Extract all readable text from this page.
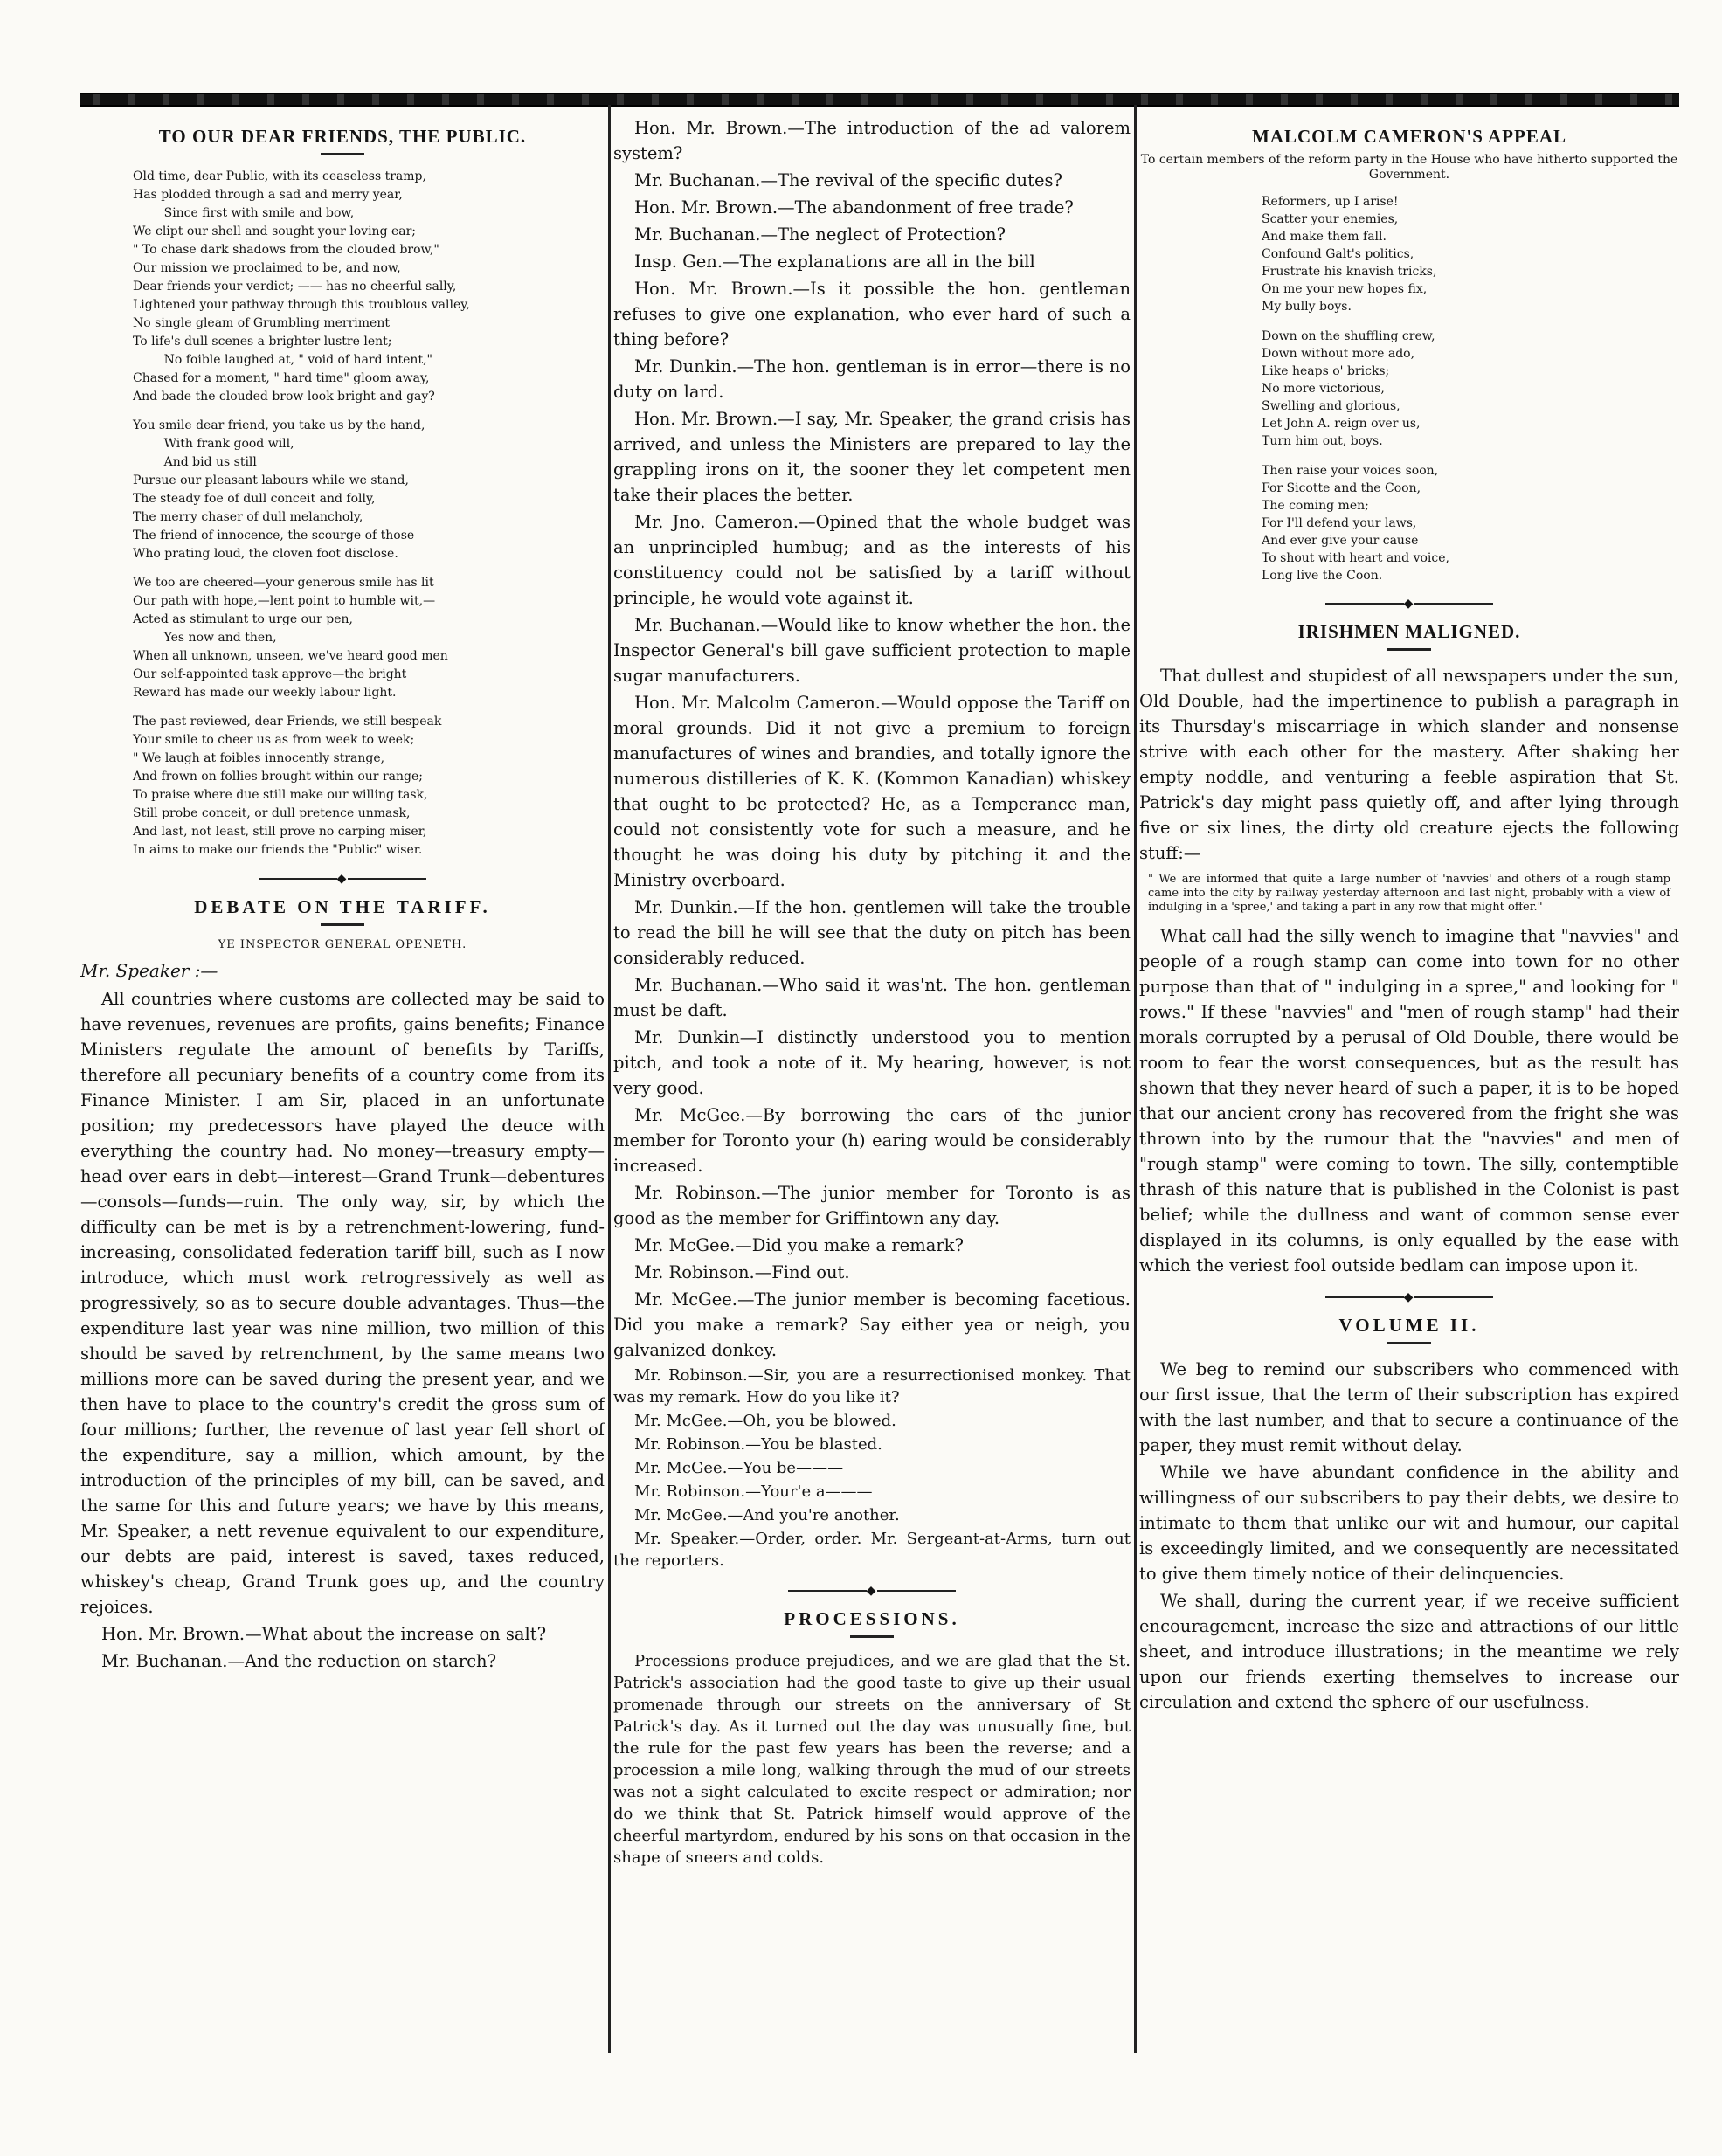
TO OUR DEAR FRIENDS, THE PUBLIC.
Old time, dear Public, with its ceaseless tramp,
Has plodded through a sad and merry year,
Since first with smile and bow,
We clipt our shell and sought your loving ear;
" To chase dark shadows from the clouded brow,"
Our mission we proclaimed to be, and now,
Dear friends your verdict; —— has no cheerful sally,
Lightened your pathway through this troublous valley,
No single gleam of Grumbling merriment
To life's dull scenes a brighter lustre lent;
No foible laughed at, " void of hard intent,"
Chased for a moment, " hard time" gloom away,
And bade the clouded brow look bright and gay?
You smile dear friend, you take us by the hand,
With frank good will,
And bid us still
Pursue our pleasant labours while we stand,
The steady foe of dull conceit and folly,
The merry chaser of dull melancholy,
The friend of innocence, the scourge of those
Who prating loud, the cloven foot disclose.
We too are cheered—your generous smile has lit
Our path with hope,—lent point to humble wit,—
Acted as stimulant to urge our pen,
Yes now and then,
When all unknown, unseen, we've heard good men
Our self-appointed task approve—the bright
Reward has made our weekly labour light.
The past reviewed, dear Friends, we still bespeak
Your smile to cheer us as from week to week;
" We laugh at foibles innocently strange,
And frown on follies brought within our range;
To praise where due still make our willing task,
Still probe conceit, or dull pretence unmask,
And last, not least, still prove no carping miser,
In aims to make our friends the "Public" wiser.
◆
DEBATE ON THE TARIFF.
YE INSPECTOR GENERAL OPENETH.
Mr. Speaker :—

All countries where customs are collected may be said to have revenues, revenues are profits, gains benefits; Finance Ministers regulate the amount of benefits by Tariffs, therefore all pecuniary benefits of a country come from its Finance Minister. I am Sir, placed in an unfortunate position; my predecessors have played the deuce with everything the country had. No money—treasury empty—head over ears in debt—interest—Grand Trunk—debentures—consols—funds—ruin. The only way, sir, by which the difficulty can be met is by a retrenchment-lowering, fund-increasing, consolidated federation tariff bill, such as I now introduce, which must work retrogressively as well as progressively, so as to secure double advantages. Thus—the expenditure last year was nine million, two million of this should be saved by retrenchment, by the same means two millions more can be saved during the present year, and we then have to place to the country's credit the gross sum of four millions; further, the revenue of last year fell short of the expenditure, say a million, which amount, by the introduction of the principles of my bill, can be saved, and the same for this and future years; we have by this means, Mr. Speaker, a nett revenue equivalent to our expenditure, our debts are paid, interest is saved, taxes reduced, whiskey's cheap, Grand Trunk goes up, and the country rejoices.

Hon. Mr. Brown.—What about the increase on salt?

Mr. Buchanan.—And the reduction on starch?

Hon. Mr. Brown.—The introduction of the ad valorem system?

Mr. Buchanan.—The revival of the specific dutes?

Hon. Mr. Brown.—The abandonment of free trade?

Mr. Buchanan.—The neglect of Protection?

Insp. Gen.—The explanations are all in the bill

Hon. Mr. Brown.—Is it possible the hon. gentleman refuses to give one explanation, who ever hard of such a thing before?

Mr. Dunkin.—The hon. gentleman is in error—there is no duty on lard.

Hon. Mr. Brown.—I say, Mr. Speaker, the grand crisis has arrived, and unless the Ministers are prepared to lay the grappling irons on it, the sooner they let competent men take their places the better.

Mr. Jno. Cameron.—Opined that the whole budget was an unprincipled humbug; and as the interests of his constituency could not be satisfied by a tariff without principle, he would vote against it.

Mr. Buchanan.—Would like to know whether the hon. the Inspector General's bill gave sufficient protection to maple sugar manufacturers.

Hon. Mr. Malcolm Cameron.—Would oppose the Tariff on moral grounds. Did it not give a premium to foreign manufactures of wines and brandies, and totally ignore the numerous distilleries of K. K. (Kommon Kanadian) whiskey that ought to be protected? He, as a Temperance man, could not consistently vote for such a measure, and he thought he was doing his duty by pitching it and the Ministry overboard.

Mr. Dunkin.—If the hon. gentlemen will take the trouble to read the bill he will see that the duty on pitch has been considerably reduced.

Mr. Buchanan.—Who said it was'nt. The hon. gentleman must be daft.

Mr. Dunkin—I distinctly understood you to mention pitch, and took a note of it. My hearing, however, is not very good.

Mr. McGee.—By borrowing the ears of the junior member for Toronto your (h) earing would be considerably increased.

Mr. Robinson.—The junior member for Toronto is as good as the member for Griffintown any day.

Mr. McGee.—Did you make a remark?

Mr. Robinson.—Find out.

Mr. McGee.—The junior member is becoming facetious. Did you make a remark? Say either yea or neigh, you galvanized donkey.

Mr. Robinson.—Sir, you are a resurrectionised monkey. That was my remark. How do you like it?

Mr. McGee.—Oh, you be blowed.

Mr. Robinson.—You be blasted.

Mr. McGee.—You be———

Mr. Robinson.—Your'e a———

Mr. McGee.—And you're another.

Mr. Speaker.—Order, order. Mr. Sergeant-at-Arms, turn out the reporters.

◆
PROCESSIONS.

Processions produce prejudices, and we are glad that the St. Patrick's association had the good taste to give up their usual promenade through our streets on the anniversary of St Patrick's day. As it turned out the day was unusually fine, but the rule for the past few years has been the reverse; and a procession a mile long, walking through the mud of our streets was not a sight calculated to excite respect or admiration; nor do we think that St. Patrick himself would approve of the cheerful martyrdom, endured by his sons on that occasion in the shape of sneers and colds.

MALCOLM CAMERON'S APPEAL
To certain members of the reform party in the House who have hitherto supported the Government.
Reformers, up I arise!
Scatter your enemies,
And make them fall.
Confound Galt's politics,
Frustrate his knavish tricks,
On me your new hopes fix,
My bully boys.
Down on the shuffling crew,
Down without more ado,
Like heaps o' bricks;
No more victorious,
Swelling and glorious,
Let John A. reign over us,
Turn him out, boys.
Then raise your voices soon,
For Sicotte and the Coon,
The coming men;
For I'll defend your laws,
And ever give your cause
To shout with heart and voice,
Long live the Coon.
◆
IRISHMEN MALIGNED.

That dullest and stupidest of all newspapers under the sun, Old Double, had the impertinence to publish a paragraph in its Thursday's miscarriage in which slander and nonsense strive with each other for the mastery. After shaking her empty noddle, and venturing a feeble aspiration that St. Patrick's day might pass quietly off, and after lying through five or six lines, the dirty old creature ejects the following stuff:—

" We are informed that quite a large number of 'navvies' and others of a rough stamp came into the city by railway yesterday afternoon and last night, probably with a view of indulging in a 'spree,' and taking a part in any row that might offer."

What call had the silly wench to imagine that "navvies" and people of a rough stamp can come into town for no other purpose than that of " indulging in a spree," and looking for " rows." If these "navvies" and "men of rough stamp" had their morals corrupted by a perusal of Old Double, there would be room to fear the worst consequences, but as the result has shown that they never heard of such a paper, it is to be hoped that our ancient crony has recovered from the fright she was thrown into by the rumour that the "navvies" and men of "rough stamp" were coming to town. The silly, contemptible thrash of this nature that is published in the Colonist is past belief; while the dullness and want of common sense ever displayed in its columns, is only equalled by the ease with which the veriest fool outside bedlam can impose upon it.

◆
VOLUME II.

We beg to remind our subscribers who commenced with our first issue, that the term of their subscription has expired with the last number, and that to secure a continuance of the paper, they must remit without delay.

While we have abundant confidence in the ability and willingness of our subscribers to pay their debts, we desire to intimate to them that unlike our wit and humour, our capital is exceedingly limited, and we consequently are necessitated to give them timely notice of their delinquencies.

We shall, during the current year, if we receive sufficient encouragement, increase the size and attractions of our little sheet, and introduce illustrations; in the meantime we rely upon our friends exerting themselves to increase our circulation and extend the sphere of our usefulness.
